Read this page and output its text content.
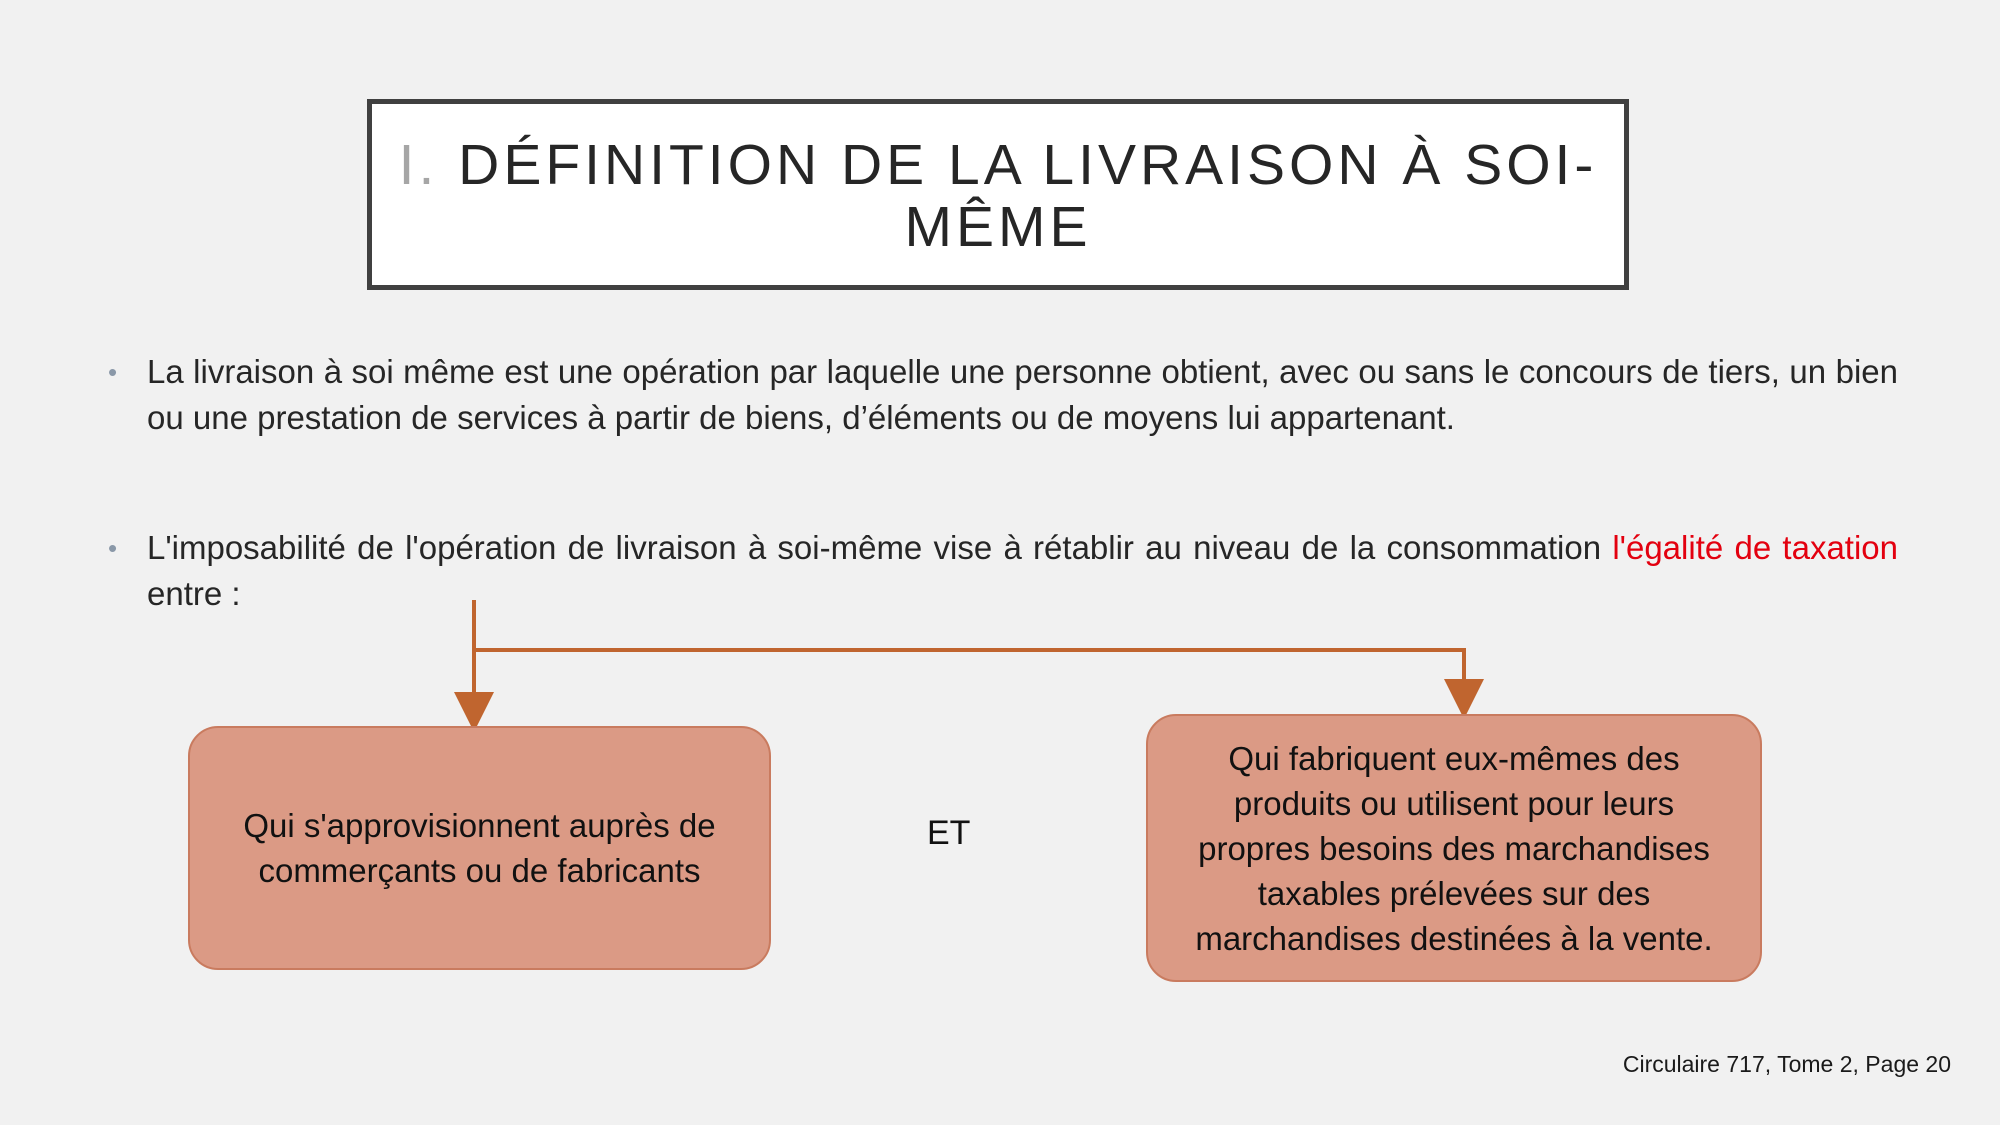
I. DÉFINITION DE LA LIVRAISON À SOI-
MÊME
• La livraison à soi même est une opération par laquelle une personne obtient, avec ou sans le concours de tiers, un bien ou une prestation de services à partir de biens, d’éléments ou de moyens lui appartenant.
• L'imposabilité de l'opération de livraison à soi-même vise à rétablir au niveau de la consommation l'égalité de taxation entre :
Qui s'approvisionnent auprès de commerçants ou de fabricants
ET
Qui fabriquent eux-mêmes des produits ou utilisent pour leurs propres besoins des marchandises taxables prélevées sur des marchandises destinées à la vente.
Circulaire 717, Tome 2, Page 20
